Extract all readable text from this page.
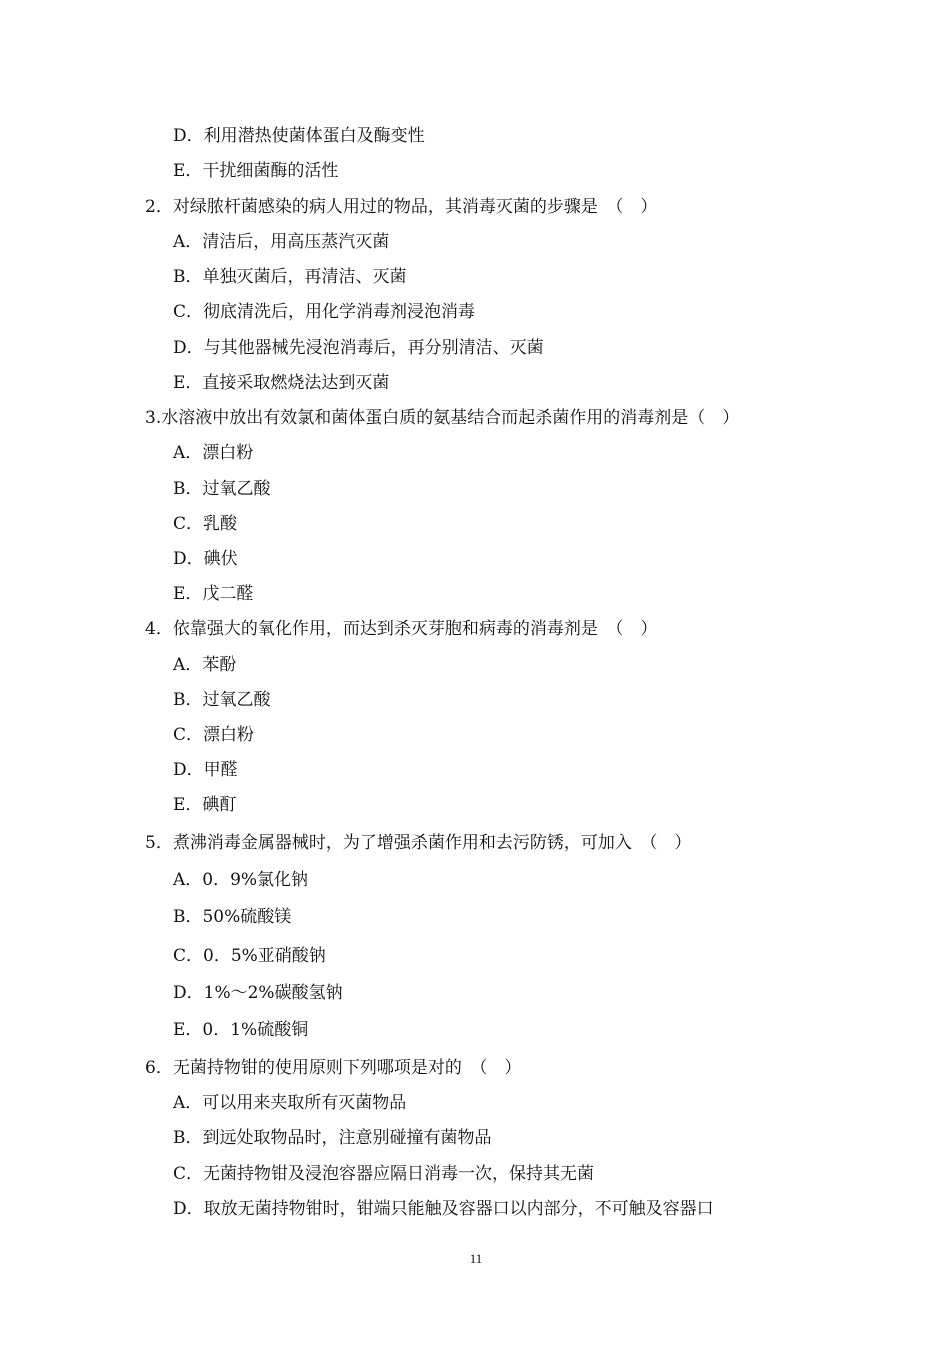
D．利用潜热使菌体蛋白及酶变性
E．干扰细菌酶的活性
2．对绿脓杆菌感染的病人用过的物品，其消毒灭菌的步骤是　（　）
A．清洁后，用高压蒸汽灭菌
B．单独灭菌后，再清洁、灭菌
C．彻底清洗后，用化学消毒剂浸泡消毒
D．与其他器械先浸泡消毒后，再分别清洁、灭菌
E．直接采取燃烧法达到灭菌
3.水溶液中放出有效氯和菌体蛋白质的氨基结合而起杀菌作用的消毒剂是（　）
A．漂白粉
B．过氧乙酸
C．乳酸
D．碘伏
E．戊二醛
4．依靠强大的氧化作用，而达到杀灭芽胞和病毒的消毒剂是　（　）
A．苯酚
B．过氧乙酸
C．漂白粉
D．甲醛
E．碘酊
5．煮沸消毒金属器械时，为了增强杀菌作用和去污防锈，可加入　（　）
A．0．9%氯化钠
B．50%硫酸镁
C．0．5%亚硝酸钠
D．1%～2%碳酸氢钠
E．0．1%硫酸铜
6．无菌持物钳的使用原则下列哪项是对的　（　）
A．可以用来夹取所有灭菌物品
B．到远处取物品时，注意别碰撞有菌物品
C．无菌持物钳及浸泡容器应隔日消毒一次，保持其无菌
D．取放无菌持物钳时，钳端只能触及容器口以内部分，不可触及容器口
11
